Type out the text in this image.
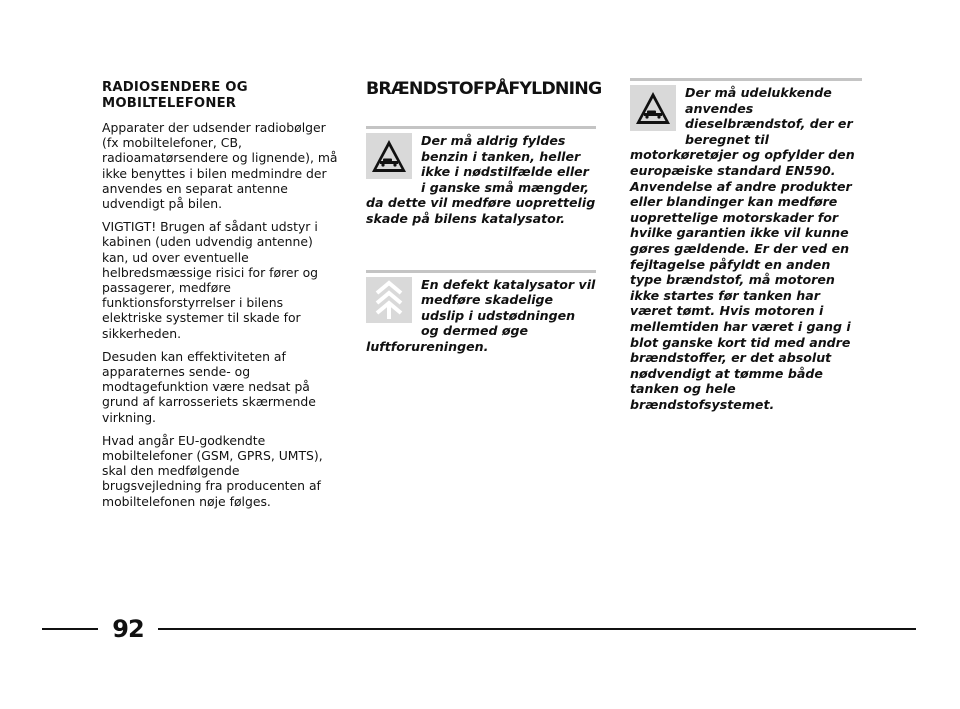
RADIOSENDERE OG MOBILTELEFONER

Apparater der udsender radiobølger (fx mobiltelefoner, CB, radioamatørsendere og lignende), må ikke benyttes i bilen medmindre der anvendes en separat antenne udvendigt på bilen.

VIGTIGT! Brugen af sådant udstyr i kabinen (uden udvendig antenne) kan, ud over eventuelle helbredsmæssige risici for fører og passagerer, medføre funktionsforstyrrelser i bilens elektriske systemer til skade for sikkerheden.

Desuden kan effektiviteten af apparaternes sende- og modtagefunktion være nedsat på grund af karrosseriets skærmende virkning.

Hvad angår EU-godkendte mobiltelefoner (GSM, GPRS, UMTS), skal den medfølgende brugsvejledning fra producenten af mobiltelefonen nøje følges.

BRÆNDSTOFPÅFYLDNING

Der må aldrig fyldes benzin i tanken, heller ikke i nødstilfælde eller i ganske små mængder, da dette vil medføre uoprettelig skade på bilens katalysator.

En defekt katalysator vil medføre skadelige udslip i udstødningen og dermed øge luftforureningen.

Der må udelukkende anvendes dieselbrændstof, der er beregnet til motorkøretøjer og opfylder den europæiske standard EN590. Anvendelse af andre produkter eller blandinger kan medføre uoprettelige motorskader for hvilke garantien ikke vil kunne gøres gældende. Er der ved en fejltagelse påfyldt en anden type brændstof, må motoren ikke startes før tanken har været tømt. Hvis motoren i mellemtiden har været i gang i blot ganske kort tid med andre brændstoffer, er det absolut nødvendigt at tømme både tanken og hele brændstofsystemet.

92
